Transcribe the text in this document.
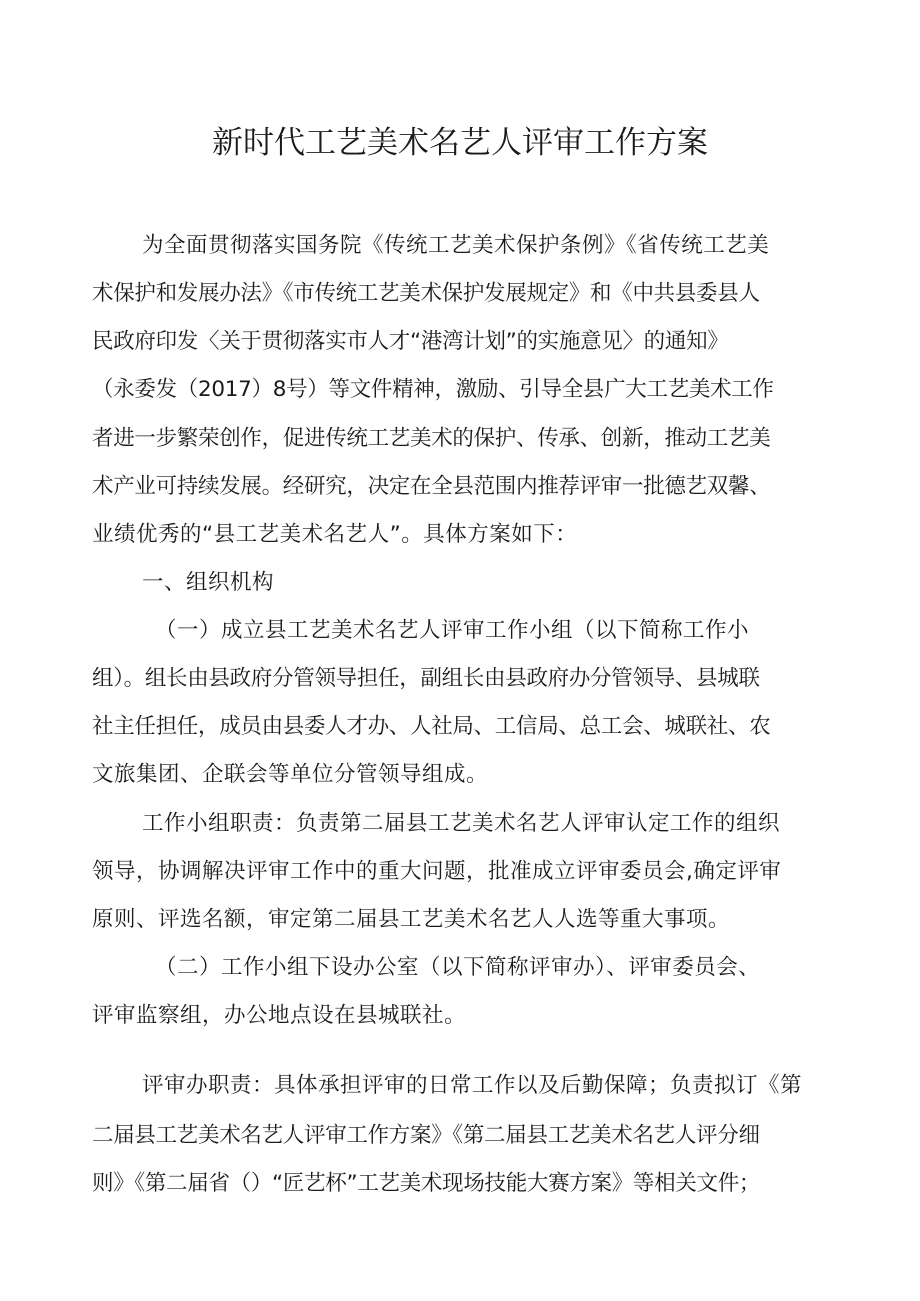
新时代工艺美术名艺人评审工作方案

为全面贯彻落实国务院《传统工艺美术保护条例》《省传统工艺美

术保护和发展办法》《市传统工艺美术保护发展规定》和《中共县委县人

民政府印发〈关于贯彻落实市人才“港湾计划”的实施意见〉的通知》

（永委发（2017）8号）等文件精神，激励、引导全县广大工艺美术工作

者进一步繁荣创作，促进传统工艺美术的保护、传承、创新，推动工艺美

术产业可持续发展。经研究，决定在全县范围内推荐评审一批德艺双馨、

业绩优秀的“县工艺美术名艺人”。具体方案如下：

一、组织机构

（一）成立县工艺美术名艺人评审工作小组（以下简称工作小

组）。组长由县政府分管领导担任，副组长由县政府办分管领导、县城联

社主任担任，成员由县委人才办、人社局、工信局、总工会、城联社、农

文旅集团、企联会等单位分管领导组成。

工作小组职责：负责第二届县工艺美术名艺人评审认定工作的组织

领导，协调解决评审工作中的重大问题，批准成立评审委员会,确定评审

原则、评选名额，审定第二届县工艺美术名艺人人选等重大事项。

（二）工作小组下设办公室（以下简称评审办）、评审委员会、

评审监察组，办公地点设在县城联社。

评审办职责：具体承担评审的日常工作以及后勤保障；负责拟订《第

二届县工艺美术名艺人评审工作方案》《第二届县工艺美术名艺人评分细

则》《第二届省（）“匠艺杯”工艺美术现场技能大赛方案》等相关文件；
